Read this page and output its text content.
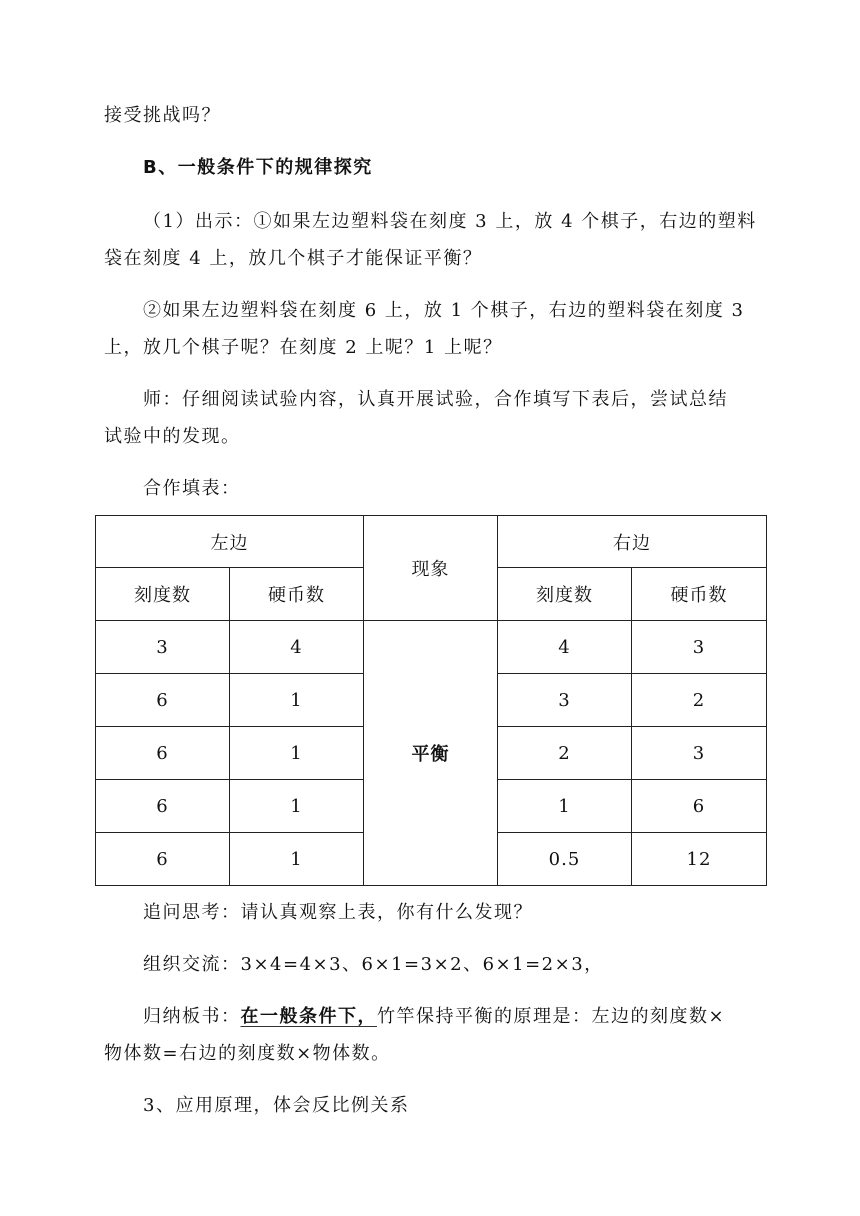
接受挑战吗？
B、一般条件下的规律探究
（1）出示：①如果左边塑料袋在刻度 3 上，放 4 个棋子，右边的塑料
袋在刻度 4 上，放几个棋子才能保证平衡？
②如果左边塑料袋在刻度 6 上，放 1 个棋子，右边的塑料袋在刻度 3
上，放几个棋子呢？在刻度 2 上呢？1 上呢？
师：仔细阅读试验内容，认真开展试验，合作填写下表后，尝试总结
试验中的发现。
合作填表：
左边		现象	右边	
刻度数	硬币数		刻度数	硬币数
3	4	平衡	4	3
6	1		3	2
6	1		2	3
6	1		1	6
6	1		0.5	12
追问思考：请认真观察上表，你有什么发现？
组织交流：3×4=4×3、6×1=3×2、6×1=2×3，
归纳板书：在一般条件下，竹竿保持平衡的原理是：左边的刻度数×
物体数=右边的刻度数×物体数。
3、应用原理，体会反比例关系
